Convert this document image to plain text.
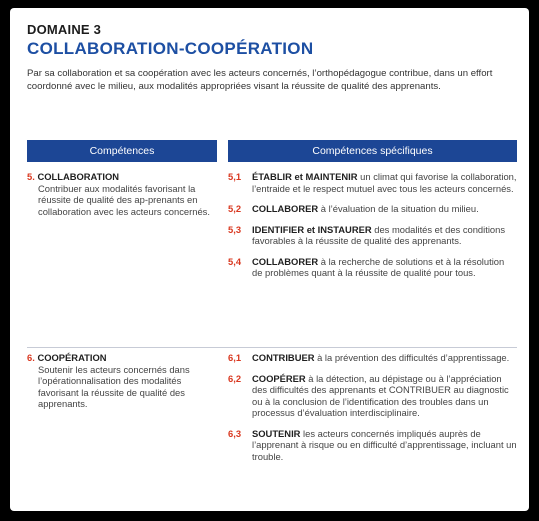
DOMAINE 3
COLLABORATION-COOPÉRATION
Par sa collaboration et sa coopération avec les acteurs concernés, l’orthopédagogue contribue, dans un effort coordonné avec le milieu, aux modalités appropriées visant la réussite de qualité des apprenants.
Compétences	Compétences spécifiques
5. COLLABORATION
Contribuer aux modalités favorisant la réussite de qualité des ap-prenants en collaboration avec les acteurs concernés.
5,1	ÉTABLIR et MAINTENIR un climat qui favorise la collaboration, l’entraide et le respect mutuel avec tous les acteurs concernés.
5,2	COLLABORER à l’évaluation de la situation du milieu.
5,3	IDENTIFIER et INSTAURER des modalités et des conditions favorables à la réussite de qualité des apprenants.
5,4	COLLABORER à la recherche de solutions et à la résolution de problèmes quant à la réussite de qualité pour tous.
6. COOPÉRATION
Soutenir les acteurs concernés dans l’opérationnalisation des modalités favorisant la réussite de qualité des apprenants.
6,1	CONTRIBUER à la prévention des difficultés d’apprentissage.
6,2	COOPÉRER à la détection, au dépistage ou à l’appréciation des difficultés des apprenants et CONTRIBUER au diagnostic ou à la conclusion de l’identification des troubles dans un processus d’évaluation interdisciplinaire.
6,3	SOUTENIR les acteurs concernés impliqués auprès de l’apprenant à risque ou en difficulté d’apprentissage, incluant un trouble.
